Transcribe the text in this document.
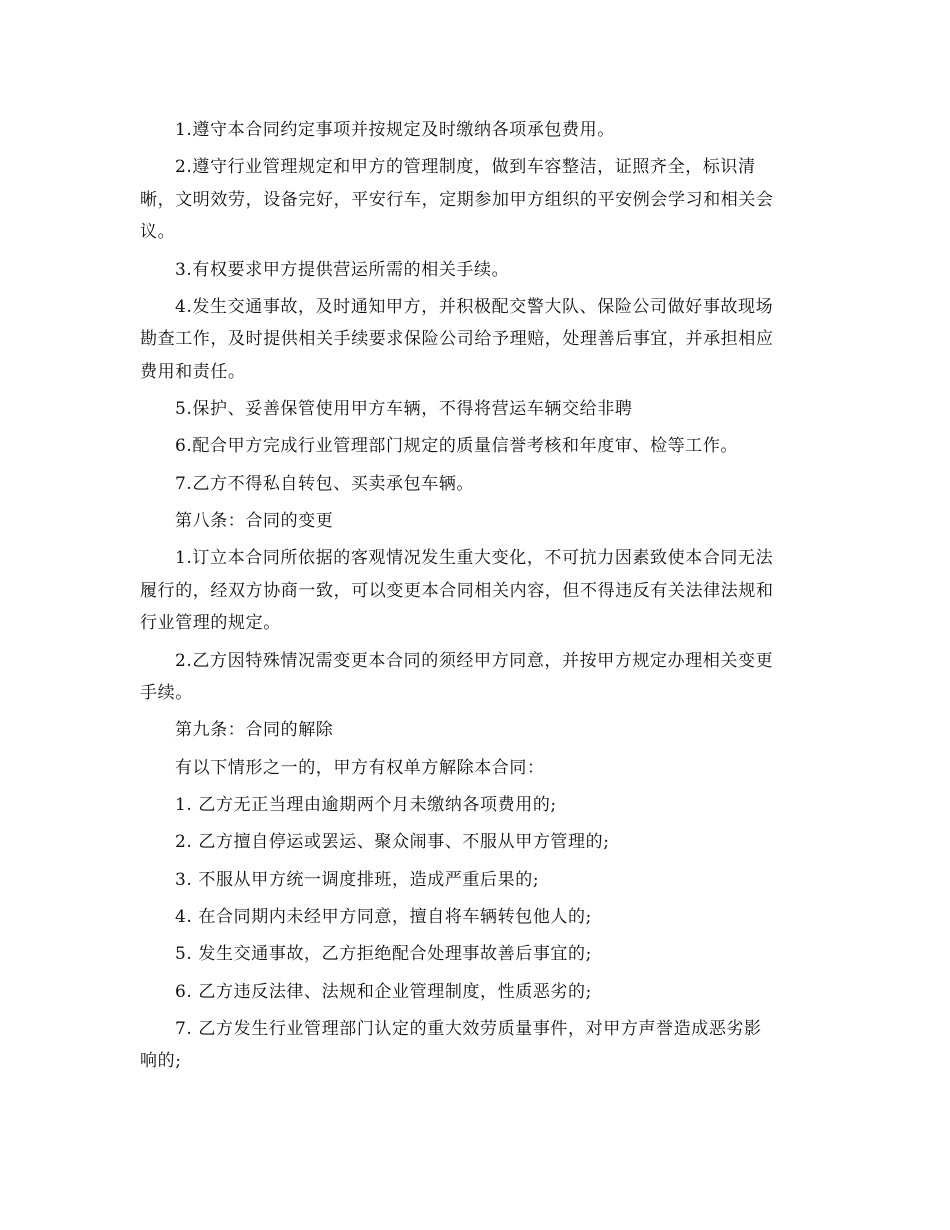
1.遵守本合同约定事项并按规定及时缴纳各项承包费用。
2.遵守行业管理规定和甲方的管理制度，做到车容整洁，证照齐全，标识清
晰，文明效劳，设备完好，平安行车，定期参加甲方组织的平安例会学习和相关会
议。
3.有权要求甲方提供营运所需的相关手续。
4.发生交通事故，及时通知甲方，并积极配交警大队、保险公司做好事故现场
勘查工作，及时提供相关手续要求保险公司给予理赔，处理善后事宜，并承担相应
费用和责任。
5.保护、妥善保管使用甲方车辆，不得将营运车辆交给非聘
6.配合甲方完成行业管理部门规定的质量信誉考核和年度审、检等工作。
7.乙方不得私自转包、买卖承包车辆。
第八条：合同的变更
1.订立本合同所依据的客观情况发生重大变化，不可抗力因素致使本合同无法
履行的，经双方协商一致，可以变更本合同相关内容，但不得违反有关法律法规和
行业管理的规定。
2.乙方因特殊情况需变更本合同的须经甲方同意，并按甲方规定办理相关变更
手续。
第九条：合同的解除
有以下情形之一的，甲方有权单方解除本合同：
1. 乙方无正当理由逾期两个月未缴纳各项费用的;
2. 乙方擅自停运或罢运、聚众闹事、不服从甲方管理的;
3. 不服从甲方统一调度排班，造成严重后果的;
4. 在合同期内未经甲方同意，擅自将车辆转包他人的;
5. 发生交通事故，乙方拒绝配合处理事故善后事宜的;
6. 乙方违反法律、法规和企业管理制度，性质恶劣的;
7. 乙方发生行业管理部门认定的重大效劳质量事件，对甲方声誉造成恶劣影
响的;
